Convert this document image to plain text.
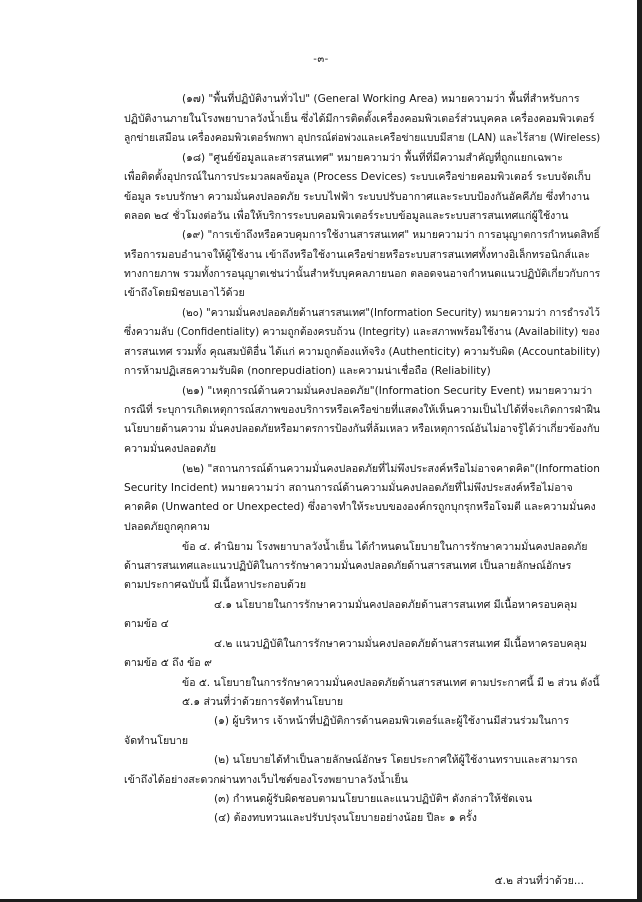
-๓-
(๑๗) "พื้นที่ปฏิบัติงานทั่วไป" (General Working Area) หมายความว่า พื้นที่สำหรับการ
ปฏิบัติงานภายในโรงพยาบาลวังน้ำเย็น ซึ่งได้มีการติดตั้งเครื่องคอมพิวเตอร์ส่วนบุคคล เครื่องคอมพิวเตอร์
ลูกข่ายเสมือน เครื่องคอมพิวเตอร์พกพา อุปกรณ์ต่อพ่วงและเครือข่ายแบบมีสาย (LAN) และไร้สาย (Wireless)
(๑๘) "ศูนย์ข้อมูลและสารสนเทศ" หมายความว่า พื้นที่ที่มีความสำคัญที่ถูกแยกเฉพาะ
เพื่อติดตั้งอุปกรณ์ในการประมวลผลข้อมูล (Process Devices) ระบบเครือข่ายคอมพิวเตอร์ ระบบจัดเก็บ
ข้อมูล ระบบรักษา ความมั่นคงปลอดภัย ระบบไฟฟ้า ระบบปรับอากาศและระบบป้องกันอัคคีภัย ซึ่งทำงาน
ตลอด ๒๔ ชั่วโมงต่อวัน เพื่อให้บริการระบบคอมพิวเตอร์ระบบข้อมูลและระบบสารสนเทศแก่ผู้ใช้งาน
(๑๙) "การเข้าถึงหรือควบคุมการใช้งานสารสนเทศ" หมายความว่า การอนุญาตการกำหนดสิทธิ์
หรือการมอบอำนาจให้ผู้ใช้งาน เข้าถึงหรือใช้งานเครือข่ายหรือระบบสารสนเทศทั้งทางอิเล็กทรอนิกส์และ
ทางกายภาพ รวมทั้งการอนุญาตเช่นว่านั้นสำหรับบุคคลภายนอก ตลอดจนอาจกำหนดแนวปฏิบัติเกี่ยวกับการ
เข้าถึงโดยมิชอบเอาไว้ด้วย
(๒๐) "ความมั่นคงปลอดภัยด้านสารสนเทศ"(Information Security) หมายความว่า การธำรงไว้
ซึ่งความลับ (Confidentiality) ความถูกต้องครบถ้วน (Integrity) และสภาพพร้อมใช้งาน (Availability) ของ
สารสนเทศ รวมทั้ง คุณสมบัติอื่น ได้แก่ ความถูกต้องแท้จริง (Authenticity) ความรับผิด (Accountability)
การห้ามปฏิเสธความรับผิด (nonrepudiation) และความน่าเชื่อถือ (Reliability)
(๒๑) "เหตุการณ์ด้านความมั่นคงปลอดภัย"(Information Security Event) หมายความว่า
กรณีที่ ระบุการเกิดเหตุการณ์สภาพของบริการหรือเครือข่ายที่แสดงให้เห็นความเป็นไปได้ที่จะเกิดการฝ่าฝืน
นโยบายด้านความ มั่นคงปลอดภัยหรือมาตรการป้องกันที่ล้มเหลว หรือเหตุการณ์อันไม่อาจรู้ได้ว่าเกี่ยวข้องกับ
ความมั่นคงปลอดภัย
(๒๒) "สถานการณ์ด้านความมั่นคงปลอดภัยที่ไม่พึงประสงค์หรือไม่อาจคาดคิด"(Information
Security Incident) หมายความว่า สถานการณ์ด้านความมั่นคงปลอดภัยที่ไม่พึงประสงค์หรือไม่อาจ
คาดคิด (Unwanted or Unexpected) ซึ่งอาจทำให้ระบบขององค์กรถูกบุกรุกหรือโจมตี และความมั่นคง
ปลอดภัยถูกคุกคาม
ข้อ ๔. คำนิยาม โรงพยาบาลวังน้ำเย็น ได้กำหนดนโยบายในการรักษาความมั่นคงปลอดภัย
ด้านสารสนเทศและแนวปฏิบัติในการรักษาความมั่นคงปลอดภัยด้านสารสนเทศ เป็นลายลักษณ์อักษร
ตามประกาศฉบับนี้ มีเนื้อหาประกอบด้วย
๔.๑ นโยบายในการรักษาความมั่นคงปลอดภัยด้านสารสนเทศ มีเนื้อหาครอบคลุม
ตามข้อ ๔
๔.๒ แนวปฏิบัติในการรักษาความมั่นคงปลอดภัยด้านสารสนเทศ มีเนื้อหาครอบคลุม
ตามข้อ ๕ ถึง ข้อ ๙
ข้อ ๕. นโยบายในการรักษาความมั่นคงปลอดภัยด้านสารสนเทศ ตามประกาศนี้ มี ๒ ส่วน ดังนี้
๕.๑ ส่วนที่ว่าด้วยการจัดทำนโยบาย
(๑) ผู้บริหาร เจ้าหน้าที่ปฏิบัติการด้านคอมพิวเตอร์และผู้ใช้งานมีส่วนร่วมในการ
จัดทำนโยบาย
(๒) นโยบายได้ทำเป็นลายลักษณ์อักษร โดยประกาศให้ผู้ใช้งานทราบและสามารถ
เข้าถึงได้อย่างสะดวกผ่านทางเว็บไซต์ของโรงพยาบาลวังน้ำเย็น
(๓) กำหนดผู้รับผิดชอบตามนโยบายและแนวปฏิบัติฯ ดังกล่าวให้ชัดเจน
(๔) ต้องทบทวนและปรับปรุงนโยบายอย่างน้อย ปีละ ๑ ครั้ง
๕.๒ ส่วนที่ว่าด้วย...
